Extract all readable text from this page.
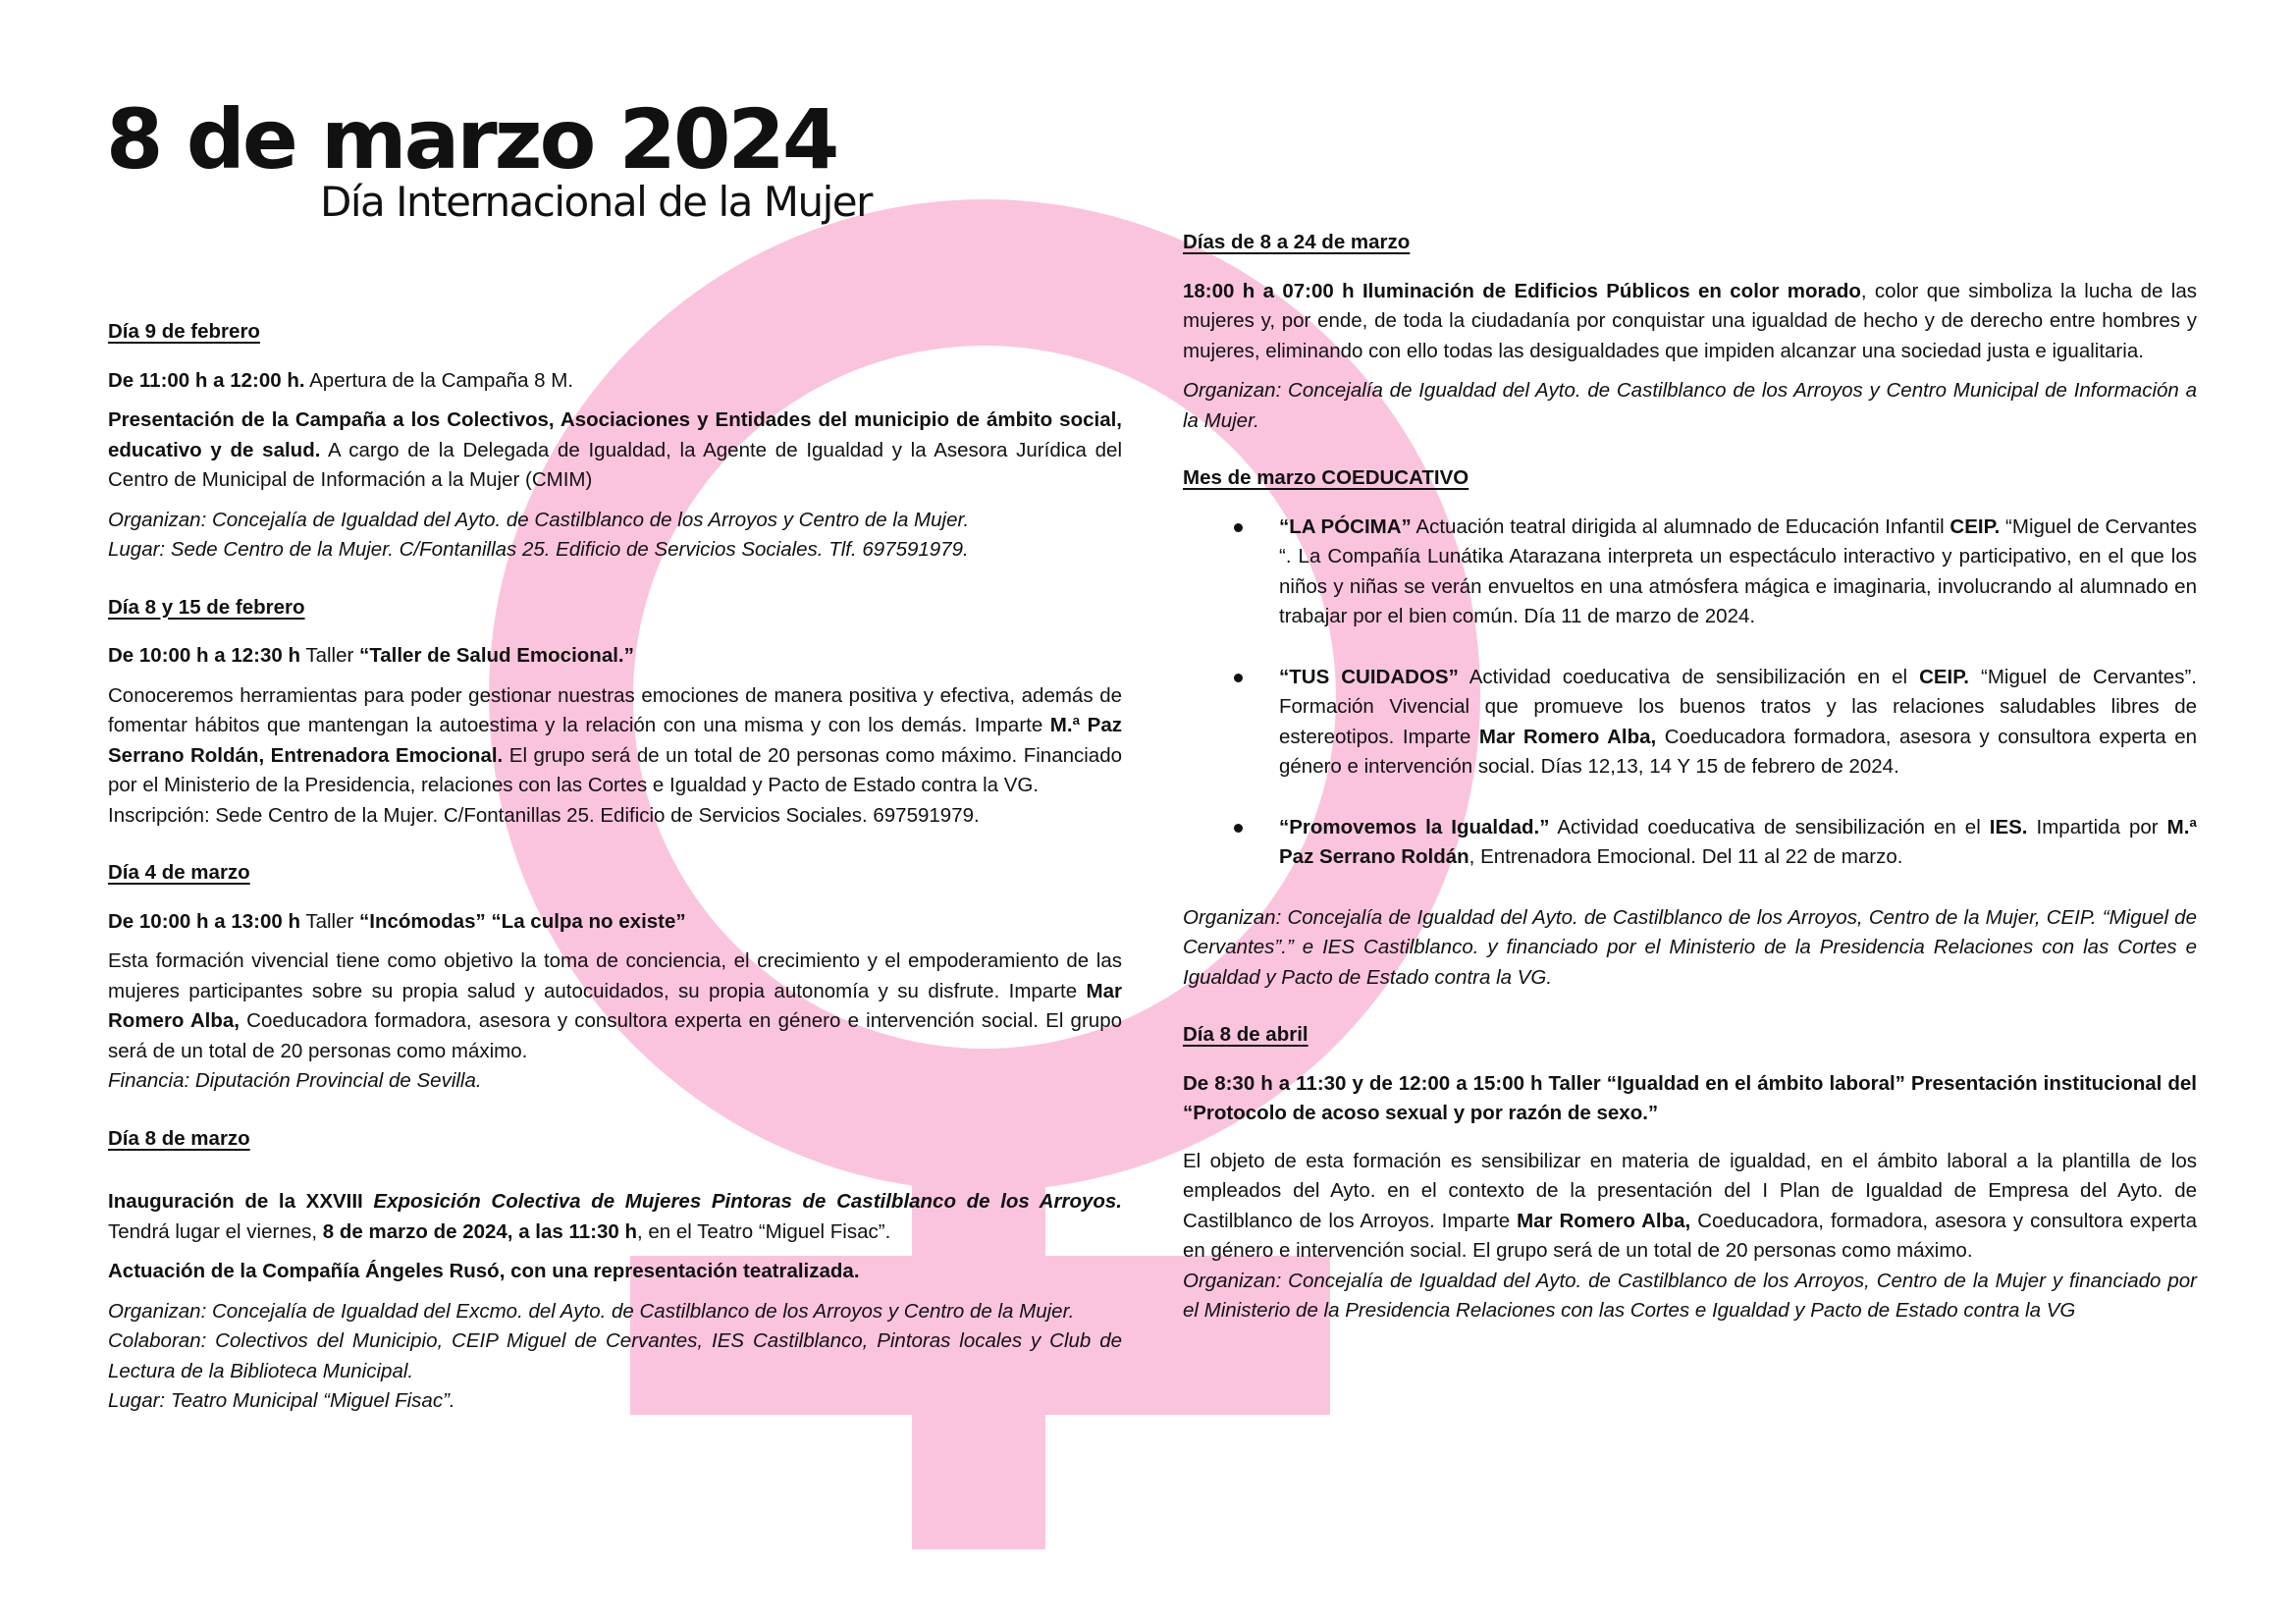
8 de marzo 2024
Día Internacional de la Mujer
Día 9 de febrero

De 11:00 h a 12:00 h. Apertura de la Campaña 8 M.

Presentación de la Campaña a los Colectivos, Asociaciones y Entidades del municipio de ámbito social, educativo y de salud. A cargo de la Delegada de Igualdad, la Agente de Igualdad y la Asesora Jurídica del Centro de Municipal de Información a la Mujer (CMIM)

Organizan: Concejalía de Igualdad del Ayto. de Castilblanco de los Arroyos y Centro de la Mujer.
Lugar: Sede Centro de la Mujer. C/Fontanillas 25. Edificio de Servicios Sociales. Tlf. 697591979.

Día 8 y 15 de febrero

De 10:00 h a 12:30 h Taller “Taller de Salud Emocional.”

Conoceremos herramientas para poder gestionar nuestras emociones de manera positiva y efectiva, además de fomentar hábitos que mantengan la autoestima y la relación con una misma y con los demás. Imparte M.ª Paz Serrano Roldán, Entrenadora Emocional. El grupo será de un total de 20 personas como máximo. Financiado por el Ministerio de la Presidencia, relaciones con las Cortes e Igualdad y Pacto de Estado contra la VG.
Inscripción: Sede Centro de la Mujer. C/Fontanillas 25. Edificio de Servicios Sociales. 697591979.

Día 4 de marzo

De 10:00 h a 13:00 h Taller “Incómodas” “La culpa no existe”

Esta formación vivencial tiene como objetivo la toma de conciencia, el crecimiento y el empoderamiento de las mujeres participantes sobre su propia salud y autocuidados, su propia autonomía y su disfrute. Imparte Mar Romero Alba, Coeducadora formadora, asesora y consultora experta en género e intervención social. El grupo será de un total de 20 personas como máximo.
Financia: Diputación Provincial de Sevilla.

Día 8 de marzo

Inauguración de la XXVIII Exposición Colectiva de Mujeres Pintoras de Castilblanco de los Arroyos. Tendrá lugar el viernes, 8 de marzo de 2024, a las 11:30 h, en el Teatro “Miguel Fisac”.

Actuación de la Compañía Ángeles Rusó, con una representación teatralizada.

Organizan: Concejalía de Igualdad del Excmo. del Ayto. de Castilblanco de los Arroyos y Centro de la Mujer.
Colaboran: Colectivos del Municipio, CEIP Miguel de Cervantes, IES Castilblanco, Pintoras locales y Club de Lectura de la Biblioteca Municipal.
Lugar: Teatro Municipal “Miguel Fisac”.

Días de 8 a 24 de marzo

18:00 h a 07:00 h Iluminación de Edificios Públicos en color morado, color que simboliza la lucha de las mujeres y, por ende, de toda la ciudadanía por conquistar una igualdad de hecho y de derecho entre hombres y mujeres, eliminando con ello todas las desigualdades que impiden alcanzar una sociedad justa e igualitaria.

Organizan: Concejalía de Igualdad del Ayto. de Castilblanco de los Arroyos y Centro Municipal de Información a la Mujer.

Mes de marzo COEDUCATIVO
“LA PÓCIMA” Actuación teatral dirigida al alumnado de Educación Infantil CEIP. “Miguel de Cervantes “. La Compañía Lunátika Atarazana interpreta un espectáculo interactivo y participativo, en el que los niños y niñas se verán envueltos en una atmósfera mágica e imaginaria, involucrando al alumnado en trabajar por el bien común. Día 11 de marzo de 2024.
“TUS CUIDADOS” Actividad coeducativa de sensibilización en el CEIP. “Miguel de Cervantes”. Formación Vivencial que promueve los buenos tratos y las relaciones saludables libres de estereotipos. Imparte Mar Romero Alba, Coeducadora formadora, asesora y consultora experta en género e intervención social. Días 12,13, 14 Y 15 de febrero de 2024.
“Promovemos la Igualdad.” Actividad coeducativa de sensibilización en el IES. Impartida por M.ª Paz Serrano Roldán, Entrenadora Emocional. Del 11 al 22 de marzo.

Organizan: Concejalía de Igualdad del Ayto. de Castilblanco de los Arroyos, Centro de la Mujer, CEIP. “Miguel de Cervantes”.” e IES Castilblanco. y financiado por el Ministerio de la Presidencia Relaciones con las Cortes e Igualdad y Pacto de Estado contra la VG.

Día 8 de abril

De 8:30 h a 11:30 y de 12:00 a 15:00 h Taller “Igualdad en el ámbito laboral” Presentación institucional del “Protocolo de acoso sexual y por razón de sexo.”

El objeto de esta formación es sensibilizar en materia de igualdad, en el ámbito laboral a la plantilla de los empleados del Ayto. en el contexto de la presentación del I Plan de Igualdad de Empresa del Ayto. de Castilblanco de los Arroyos. Imparte Mar Romero Alba, Coeducadora, formadora, asesora y consultora experta en género e intervención social. El grupo será de un total de 20 personas como máximo.
Organizan: Concejalía de Igualdad del Ayto. de Castilblanco de los Arroyos, Centro de la Mujer y financiado por el Ministerio de la Presidencia Relaciones con las Cortes e Igualdad y Pacto de Estado contra la VG
